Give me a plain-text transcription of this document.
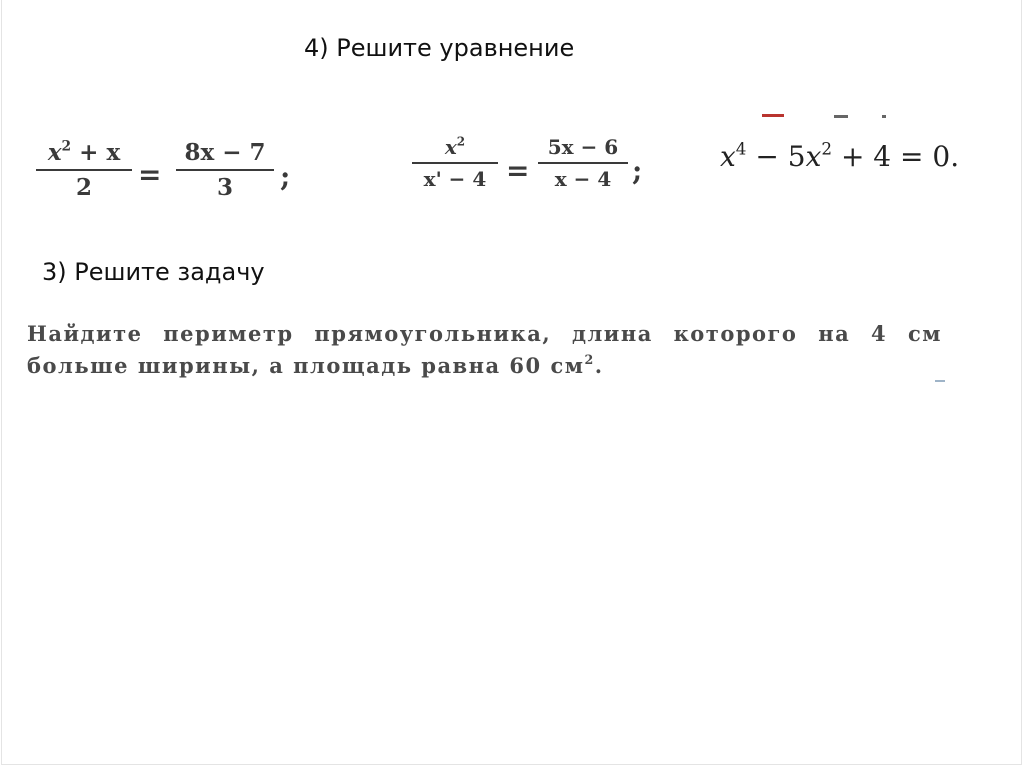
4) Решите уравнение
$x^2 + x$
2 =
8x − 7
3 ;
$x^2$
x' − 4 =
5x − 6
x − 4 ;	$x^4 - 5x^2 + 4 = 0$.
3) Решите задачу
Найдите периметр прямоугольника, длина которого на 4 см
больше ширины, а площадь равна 60 $см^2$.
